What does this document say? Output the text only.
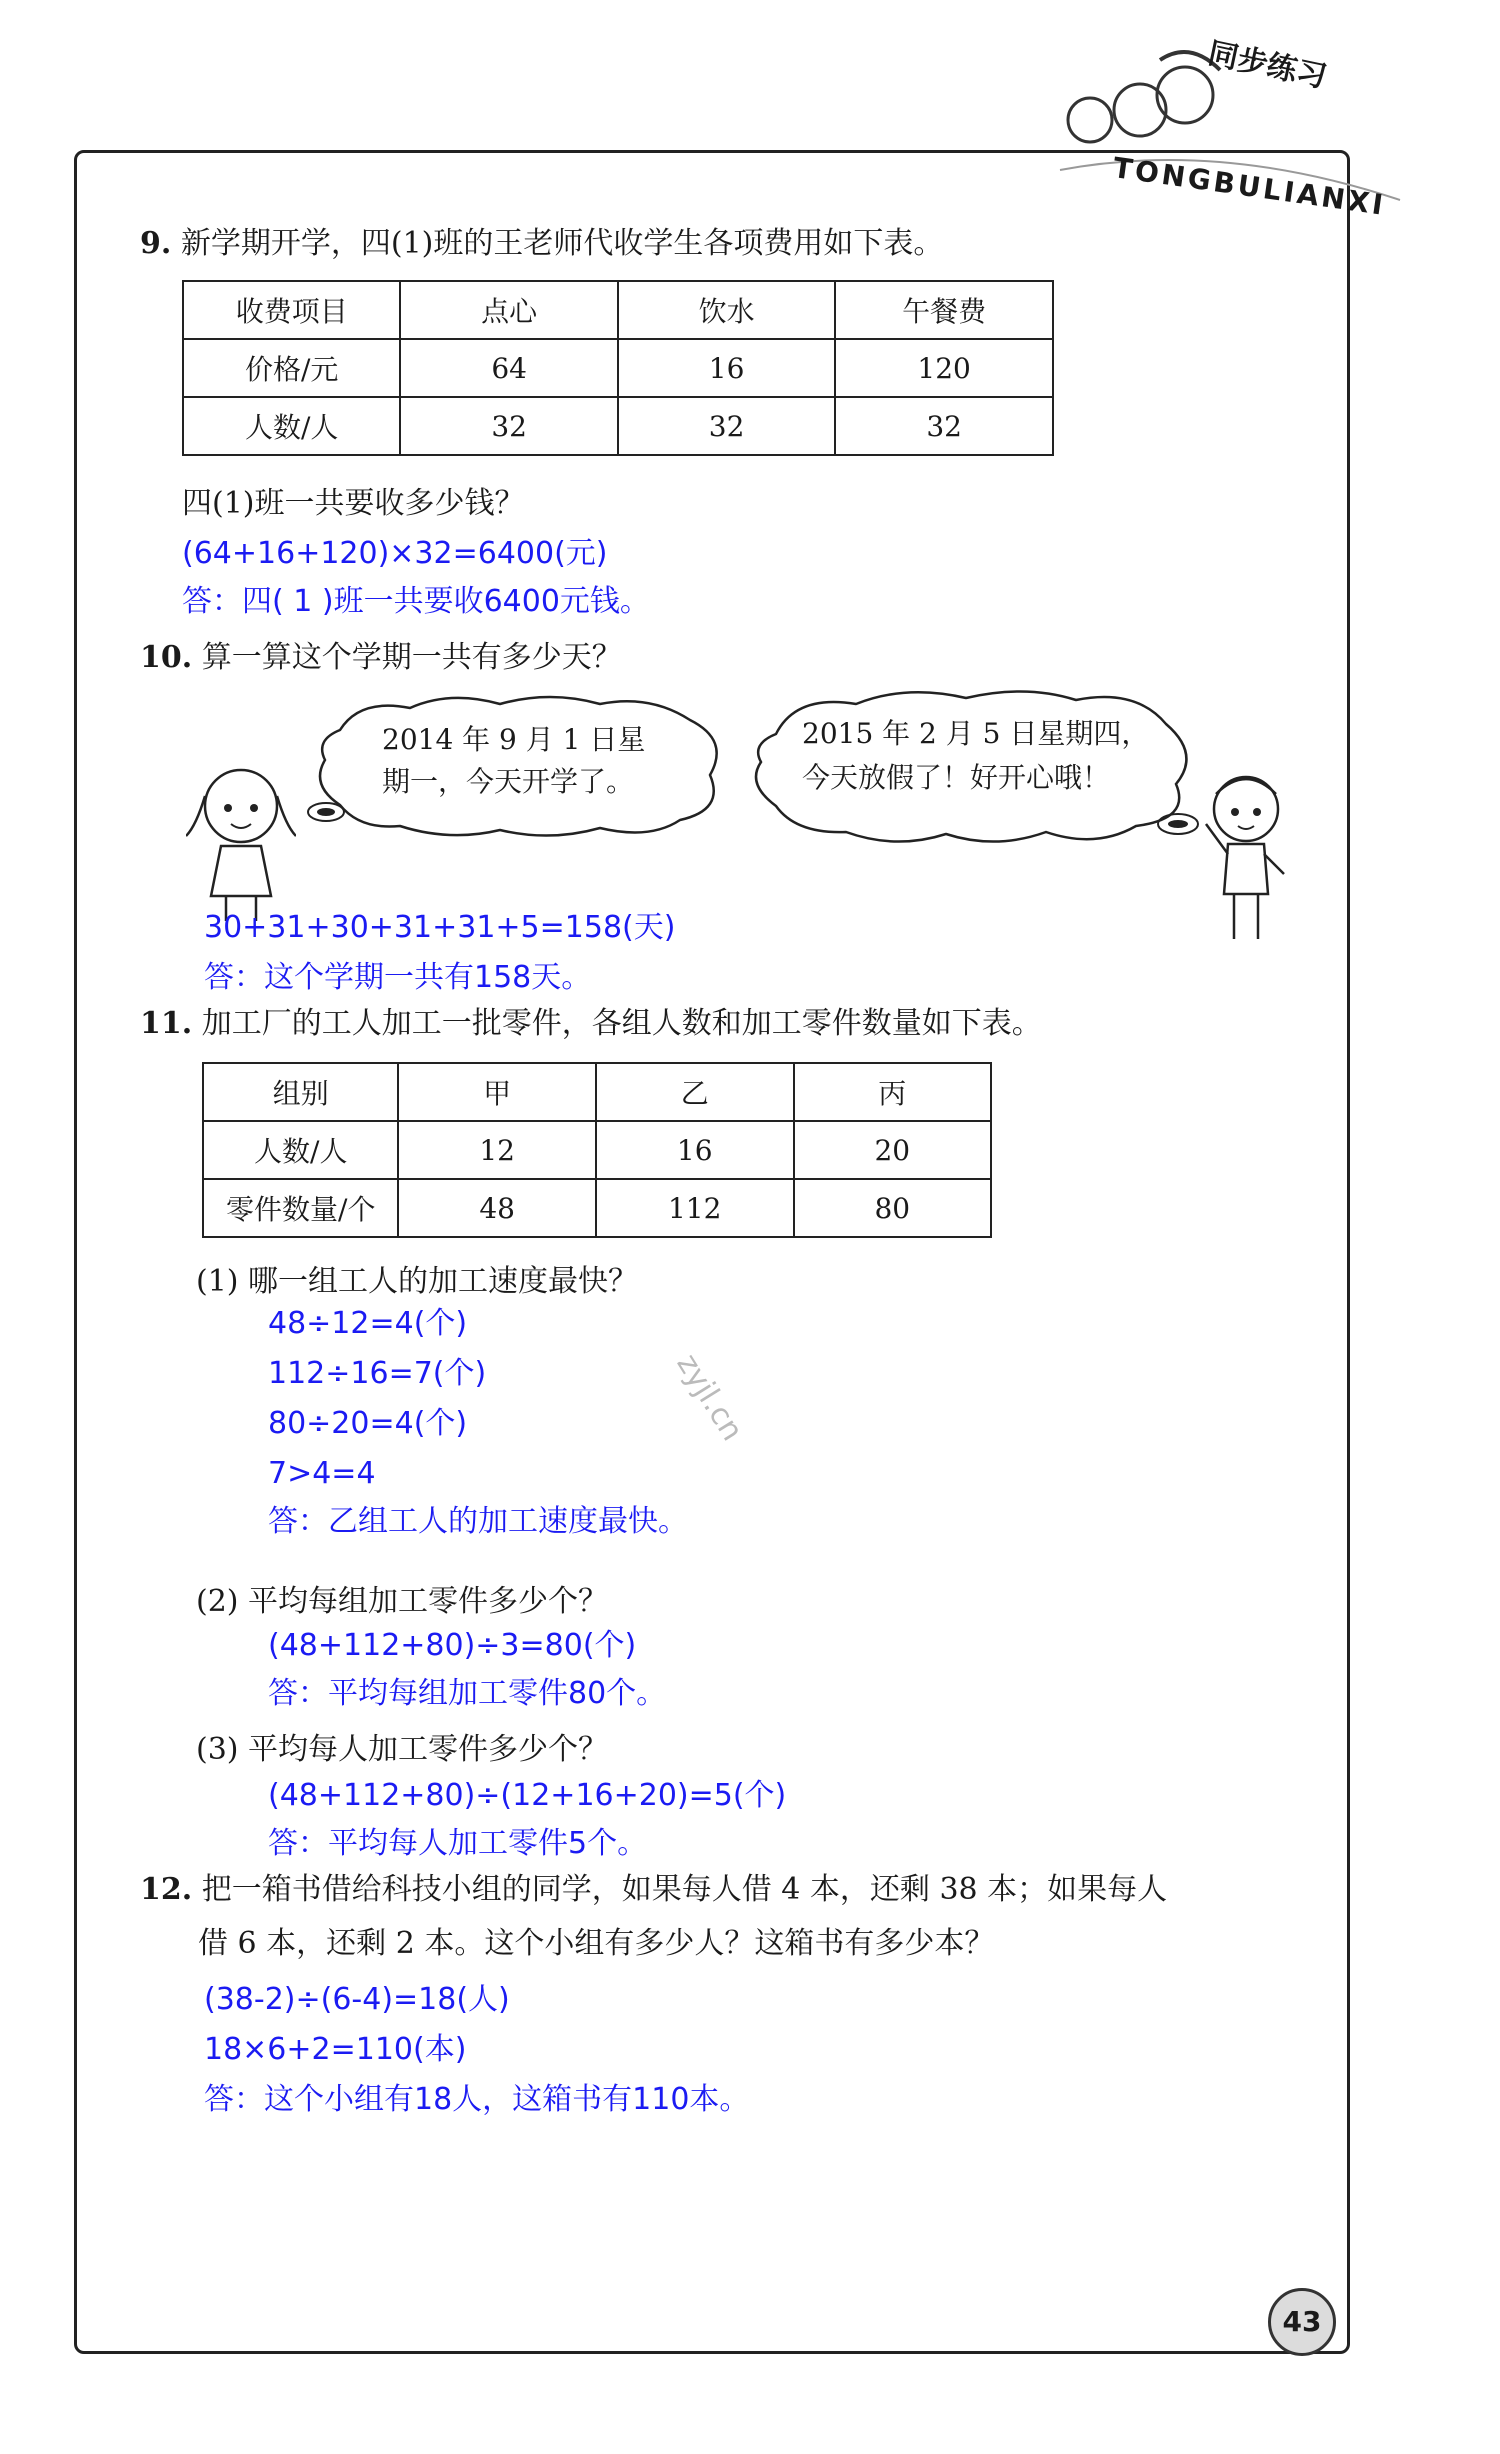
同步练习
TONGBULIANXI
9. 新学期开学，四(1)班的王老师代收学生各项费用如下表。
收费项目	点心	饮水	午餐费
价格/元	64	16	120
人数/人	32	32	32
四(1)班一共要收多少钱？
(64+16+120)×32=6400(元)
答：四( 1 )班一共要收6400元钱。
10. 算一算这个学期一共有多少天？
2014 年 9 月 1 日星
期一，今天开学了。
2015 年 2 月 5 日星期四，
今天放假了！好开心哦！
30+31+30+31+31+5=158(天)
答：这个学期一共有158天。
11. 加工厂的工人加工一批零件，各组人数和加工零件数量如下表。
组别	甲	乙	丙
人数/人	12	16	20
零件数量/个	48	112	80
(1) 哪一组工人的加工速度最快？
48÷12=4(个)
112÷16=7(个)
80÷20=4(个)
7>4=4
答：乙组工人的加工速度最快。
(2) 平均每组加工零件多少个？
(48+112+80)÷3=80(个)
答：平均每组加工零件80个。
(3) 平均每人加工零件多少个？
(48+112+80)÷(12+16+20)=5(个)
答：平均每人加工零件5个。
12. 把一箱书借给科技小组的同学，如果每人借 4 本，还剩 38 本；如果每人
借 6 本，还剩 2 本。这个小组有多少人？这箱书有多少本？
(38-2)÷(6-4)=18(人)
18×6+2=110(本)
答：这个小组有18人，这箱书有110本。
zyjl.cn
43
